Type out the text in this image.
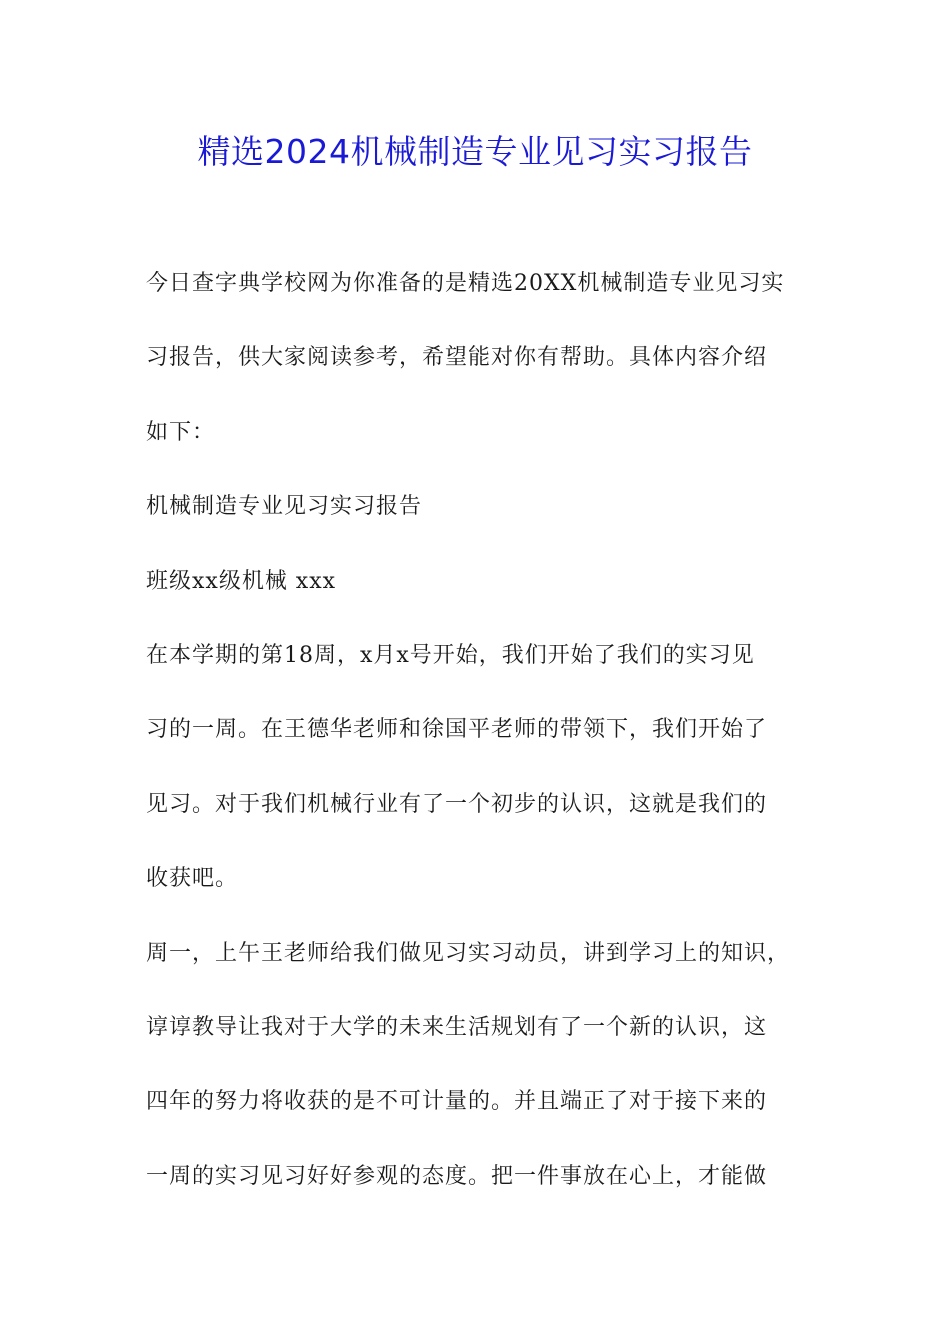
精选2024机械制造专业见习实习报告
今日查字典学校网为你准备的是精选20XX机械制造专业见习实
习报告，供大家阅读参考，希望能对你有帮助。具体内容介绍
如下：
机械制造专业见习实习报告
班级xx级机械 xxx
在本学期的第18周，x月x号开始，我们开始了我们的实习见
习的一周。在王德华老师和徐国平老师的带领下，我们开始了
见习。对于我们机械行业有了一个初步的认识，这就是我们的
收获吧。
周一，上午王老师给我们做见习实习动员，讲到学习上的知识，
谆谆教导让我对于大学的未来生活规划有了一个新的认识，这
四年的努力将收获的是不可计量的。并且端正了对于接下来的
一周的实习见习好好参观的态度。把一件事放在心上，才能做
